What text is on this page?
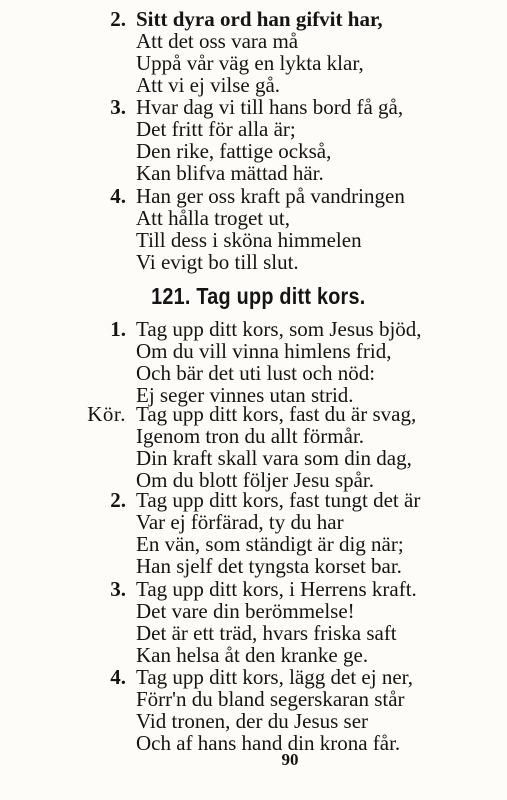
2. Sitt dyra ord han gifvit har,
Att det oss vara må
Uppå vår väg en lykta klar,
Att vi ej vilse gå.
3. Hvar dag vi till hans bord få gå,
Det fritt för alla är;
Den rike, fattige också,
Kan blifva mättad här.
4. Han ger oss kraft på vandringen
Att hålla troget ut,
Till dess i sköna himmelen
Vi evigt bo till slut.
121. Tag upp ditt kors.
1. Tag upp ditt kors, som Jesus bjöd,
Om du vill vinna himlens frid,
Och bär det uti lust och nöd:
Ej seger vinnes utan strid.
Kör. Tag upp ditt kors, fast du är svag,
Igenom tron du allt förmår.
Din kraft skall vara som din dag,
Om du blott följer Jesu spår.
2. Tag upp ditt kors, fast tungt det är
Var ej förfärad, ty du har
En vän, som ständigt är dig när;
Han sjelf det tyngsta korset bar.
3. Tag upp ditt kors, i Herrens kraft.
Det vare din berömmelse!
Det är ett träd, hvars friska saft
Kan helsa åt den kranke ge.
4. Tag upp ditt kors, lägg det ej ner,
Förr'n du bland segerskaran står
Vid tronen, der du Jesus ser
Och af hans hand din krona får.
90
